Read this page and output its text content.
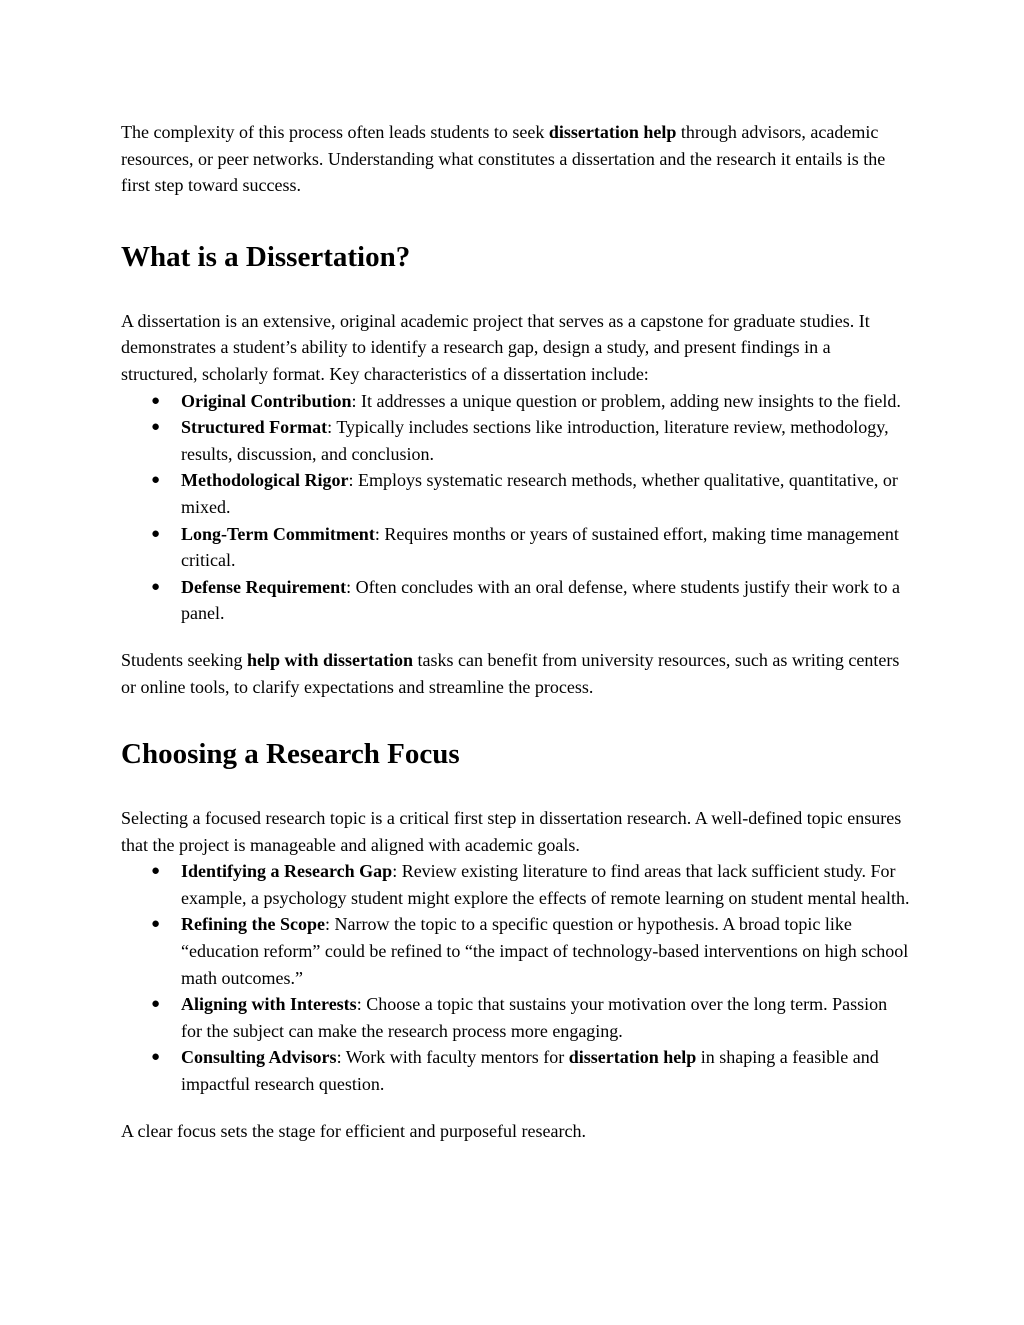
The complexity of this process often leads students to seek dissertation help through advisors, academic resources, or peer networks. Understanding what constitutes a dissertation and the research it entails is the first step toward success.

What is a Dissertation?

A dissertation is an extensive, original academic project that serves as a capstone for graduate studies. It demonstrates a student’s ability to identify a research gap, design a study, and present findings in a structured, scholarly format. Key characteristics of a dissertation include:

● Original Contribution: It addresses a unique question or problem, adding new insights to the field.
● Structured Format: Typically includes sections like introduction, literature review, methodology, results, discussion, and conclusion.
● Methodological Rigor: Employs systematic research methods, whether qualitative, quantitative, or mixed.
● Long-Term Commitment: Requires months or years of sustained effort, making time management critical.
● Defense Requirement: Often concludes with an oral defense, where students justify their work to a panel.

Students seeking help with dissertation tasks can benefit from university resources, such as writing centers or online tools, to clarify expectations and streamline the process.

Choosing a Research Focus

Selecting a focused research topic is a critical first step in dissertation research. A well-defined topic ensures that the project is manageable and aligned with academic goals.

● Identifying a Research Gap: Review existing literature to find areas that lack sufficient study. For example, a psychology student might explore the effects of remote learning on student mental health.
● Refining the Scope: Narrow the topic to a specific question or hypothesis. A broad topic like “education reform” could be refined to “the impact of technology-based interventions on high school math outcomes.”
● Aligning with Interests: Choose a topic that sustains your motivation over the long term. Passion for the subject can make the research process more engaging.
● Consulting Advisors: Work with faculty mentors for dissertation help in shaping a feasible and impactful research question.

A clear focus sets the stage for efficient and purposeful research.
